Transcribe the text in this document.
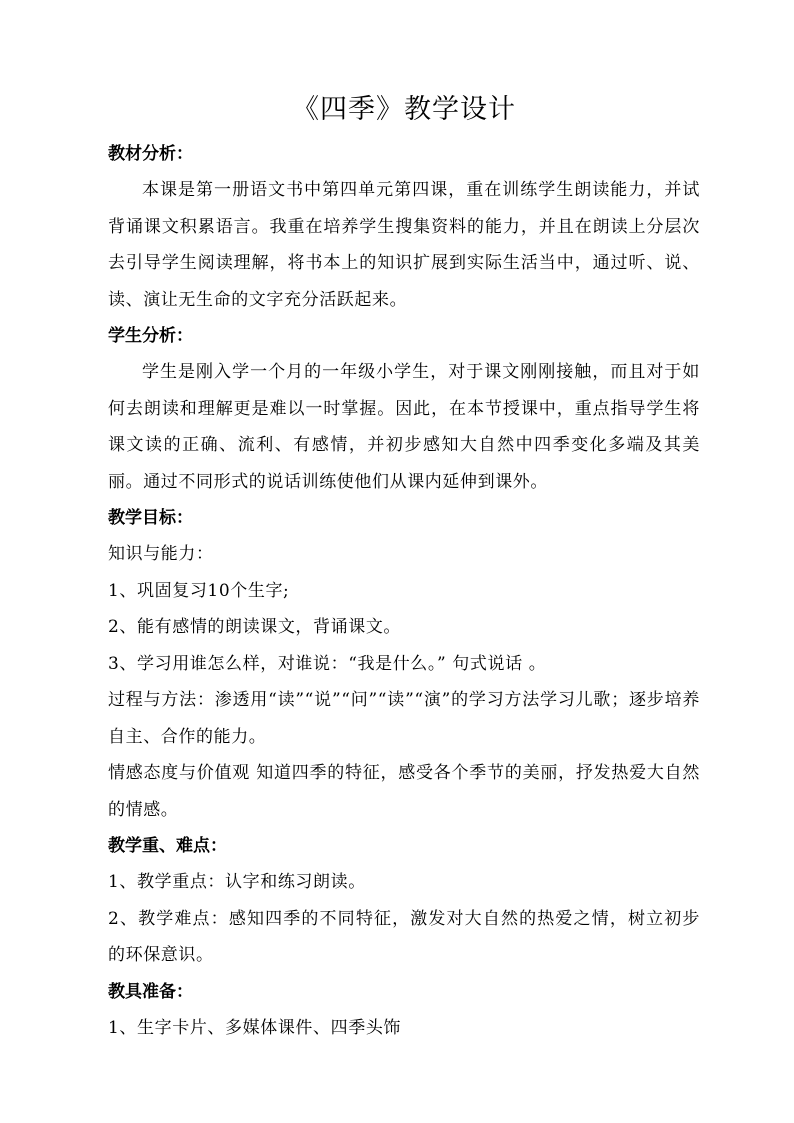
《四季》教学设计

教材分析：

本课是第一册语文书中第四单元第四课，重在训练学生朗读能力，并试背诵课文积累语言。我重在培养学生搜集资料的能力，并且在朗读上分层次去引导学生阅读理解，将书本上的知识扩展到实际生活当中，通过听、说、读、演让无生命的文字充分活跃起来。

学生分析：

学生是刚入学一个月的一年级小学生，对于课文刚刚接触，而且对于如何去朗读和理解更是难以一时掌握。因此，在本节授课中，重点指导学生将课文读的正确、流利、有感情，并初步感知大自然中四季变化多端及其美丽。通过不同形式的说话训练使他们从课内延伸到课外。

教学目标：

知识与能力：

1、巩固复习10个生字;

2、能有感情的朗读课文，背诵课文。

3、学习用谁怎么样，对谁说：“我是什么。” 句式说话 。

过程与方法：渗透用“读”“说”“问”“读”“演”的学习方法学习儿歌；逐步培养自主、合作的能力。

情感态度与价值观 知道四季的特征，感受各个季节的美丽，抒发热爱大自然的情感。

教学重、难点：

1、教学重点：认字和练习朗读。

2、教学难点：感知四季的不同特征，激发对大自然的热爱之情，树立初步的环保意识。

教具准备：

1、生字卡片、多媒体课件、四季头饰
